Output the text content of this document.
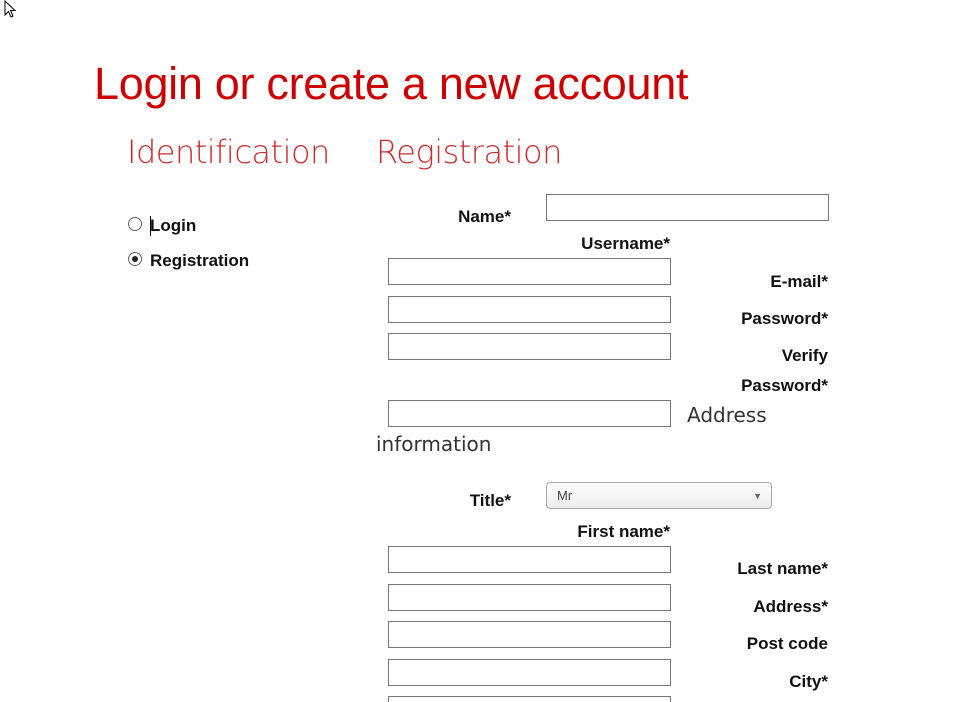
Login or create a new account
Identification Registration
Login
Registration
Name*
Username*
E-mail*
Password*
Verify
Password*
Address
information
Title*	Mr	▼
First name*
Last name*
Address*
Post code
City*
